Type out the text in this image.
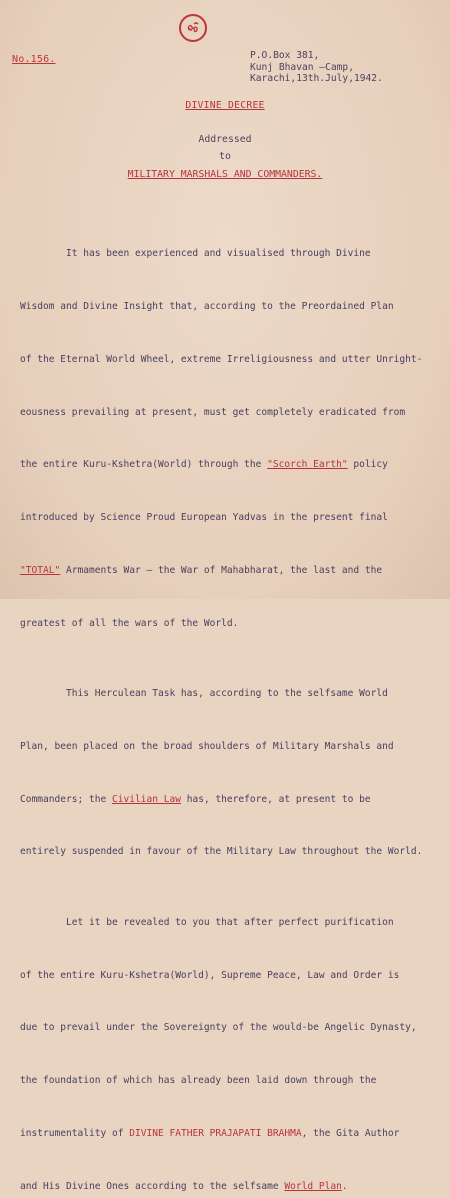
No.156.	P.O.Box 381,
Kunj Bhavan —Camp,
Karachi,13th.July,1942.
DIVINE DECREE
Addressed
to
MILITARY MARSHALS AND COMMANDERS.

It has been experienced and visualised through Divine

Wisdom and Divine Insight that, according to the Preordained Plan

of the Eternal World Wheel, extreme Irreligiousness and utter Unright-

eousness prevailing at present, must get completely eradicated from

the entire Kuru-Kshetra(World) through the "Scorch Earth" policy

introduced by Science Proud European Yadvas in the present final

"TOTAL" Armaments War — the War of Mahabharat, the last and the

greatest of all the wars of the World.

This Herculean Task has, according to the selfsame World

Plan, been placed on the broad shoulders of Military Marshals and

Commanders; the Civilian Law has, therefore, at present to be

entirely suspended in favour of the Military Law throughout the World.

Let it be revealed to you that after perfect purification

of the entire Kuru-Kshetra(World), Supreme Peace, Law and Order is

due to prevail under the Sovereignty of the would-be Angelic Dynasty,

the foundation of which has already been laid down through the

instrumentality of DIVINE FATHER PRAJAPATI BRAHMA, the Gita Author

and His Divine Ones according to the selfsame World Plan.
